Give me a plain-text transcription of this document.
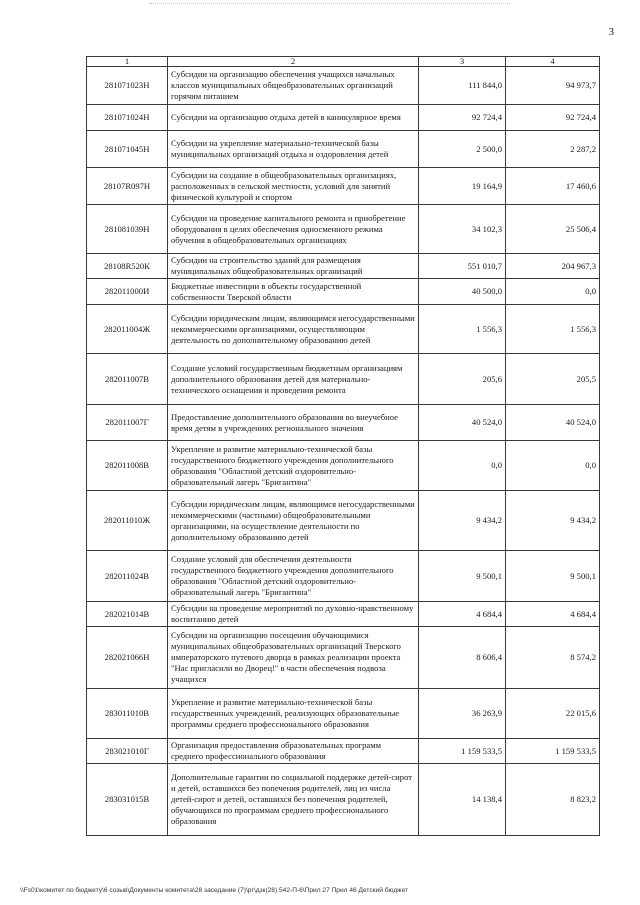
3
1	2	3	4
281071023Н	Субсидии на организацию обеспечения учащихся начальных классов муниципальных общеобразовательных организаций горячим питанием	111 844,0	94 973,7
281071024Н	Субсидии на организацию отдыха детей в каникулярное время	92 724,4	92 724,4
281071045Н	Субсидии на укрепление материально-технической базы муниципальных организаций отдыха и оздоровления детей	2 500,0	2 287,2
28107R097Н	Субсидии на создание в общеобразовательных организациях, расположенных в сельской местности, условий для занятий физической культурой и спортом	19 164,9	17 460,6
281081039Н	Субсидии на проведение капитального ремонта и приобретение оборудования в целях обеспечения односменного режима обучения в общеобразовательных организациях	34 102,3	25 506,4
28108R520К	Субсидии на строительство зданий для размещения муниципальных общеобразовательных организаций	551 010,7	204 967,3
282011000И	Бюджетные инвестиции в объекты государственной собственности Тверской области	40 500,0	0,0
282011004Ж	Субсидии юридическим лицам, являющимся негосударственными некоммерческими организациями, осуществляющим деятельность по дополнительному образованию детей	1 556,3	1 556,3
282011007В	Создание условий государственным бюджетным организациям дополнительного образования детей для материально-технического оснащения и проведения ремонта	205,6	205,5
282011007Г	Предоставление дополнительного образования во внеучебное время детям в учреждениях регионального значения	40 524,0	40 524,0
282011008В	Укрепление и развитие материально-технической базы государственного бюджетного учреждения дополнительного образования "Областной детский оздоровительно-образовательный лагерь "Бригантина"	0,0	0,0
282011010Ж	Субсидии юридическим лицам, являющимся негосударственными некоммерческими (частными) общеобразовательными организациями, на осуществление деятельности по дополнительному образованию детей	9 434,2	9 434,2
282011024В	Создание условий для обеспечения деятельности государственного бюджетного учреждения дополнительного образования "Областной детский оздоровительно-образовательный лагерь "Бригантина"	9 500,1	9 500,1
282021014В	Субсидии на проведение мероприятий по духовно-нравственному воспитанию детей	4 684,4	4 684,4
282021066Н	Субсидии на организацию посещения обучающимися муниципальных общеобразовательных организаций Тверского императорского путевого дворца в рамках реализации проекта "Нас пригласили во Дворец!" в части обеспечения подвоза учащихся	8 606,4	8 574,2
283011010В	Укрепление и развитие материально-технической базы государственных учреждений, реализующих образовательные программы среднего профессионального образования	36 263,9	22 015,6
283021010Г	Организация предоставления образовательных программ среднего профессионального образования	1 159 533,5	1 159 533,5
283031015В	Дополнительные гарантии по социальной поддержке детей-сирот и детей, оставшихся без попечения родителей, лиц из числа детей-сирот и детей, оставшихся без попечения родителей, обучающихся по программам среднего профессионального образования	14 138,4	8 823,2
\\Fs01\комитет по бюджету\6 созыв\Документы комитета\28 заседание (7)\рг\дзк(28) 542-П-6\Прил 27 Прил 46 Детский бюджет
